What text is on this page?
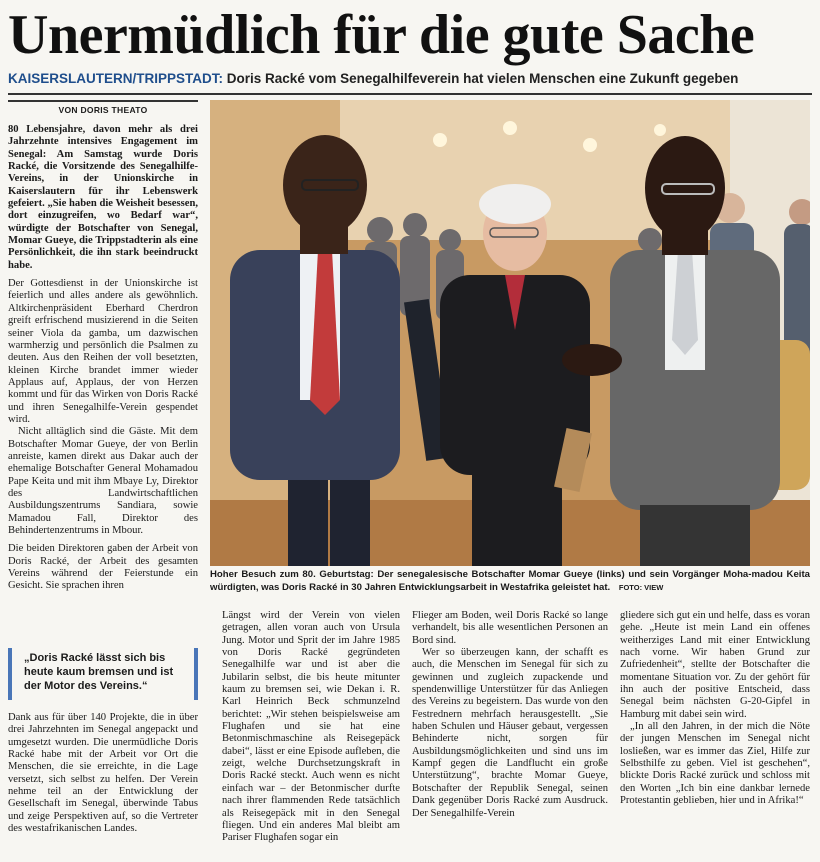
Unermüdlich für die gute Sache
KAISERSLAUTERN/TRIPPSTADT: Doris Racké vom Senegalhilfeverein hat vielen Menschen eine Zukunft gegeben
VON DORIS THEATO

80 Lebensjahre, davon mehr als drei Jahrzehnte intensives Engagement im Senegal: Am Samstag wurde Doris Racké, die Vorsitzende des Senegalhilfe-Vereins, in der Unionskirche in Kaiserslautern für ihr Lebenswerk gefeiert. „Sie haben die Weisheit besessen, dort einzugreifen, wo Bedarf war“, würdigte der Botschafter von Senegal, Momar Gueye, die Trippstadterin als eine Persönlichkeit, die ihn stark beeindruckt habe.

Der Gottesdienst in der Unionskirche ist feierlich und alles andere als gewöhnlich. Altkirchenpräsident Eberhard Cherdron greift erfrischend musizierend in die Seiten seiner Viola da gamba, um dazwischen warmherzig und persönlich die Psalmen zu deuten. Aus den Reihen der voll besetzten, kleinen Kirche brandet immer wieder Applaus auf, Applaus, der von Herzen kommt und für das Wirken von Doris Racké und ihren Senegalhilfe-Verein gespendet wird.

Nicht alltäglich sind die Gäste. Mit dem Botschafter Momar Gueye, der von Berlin anreiste, kamen direkt aus Dakar auch der ehemalige Botschafter General Mohamadou Pape Keita und mit ihm Mbaye Ly, Direktor des Landwirtschaftlichen Ausbildungszentrums Sandiara, sowie Mamadou Fall, Direktor des Behindertenzentrums in Mbour.

Die beiden Direktoren gaben der Arbeit von Doris Racké, der Arbeit des gesamten Vereins während der Feierstunde ein Gesicht. Sie sprachen ihren

„Doris Racké lässt sich bis heute kaum bremsen und ist der Motor des Vereins.“

Dank aus für über 140 Projekte, die in über drei Jahrzehnten im Senegal angepackt und umgesetzt wurden. Die unermüdliche Doris Racké habe mit der Arbeit vor Ort die Menschen, die sie erreichte, in die Lage versetzt, sich selbst zu helfen. Der Verein nehme teil an der Entwicklung der Gesellschaft im Senegal, überwinde Tabus und zeige Perspektiven auf, so die Vertreter des westafrikanischen Landes.

Hoher Besuch zum 80. Geburtstag: Der senegalesische Botschafter Momar Gueye (links) und sein Vorgänger Moha-madou Keita würdigten, was Doris Racké in 30 Jahren Entwicklungsarbeit in Westafrika geleistet hat. FOTO: VIEW

Längst wird der Verein von vielen getragen, allen voran auch von Ursula Jung. Motor und Sprit der im Jahre 1985 von Doris Racké gegründeten Senegalhilfe war und ist aber die Jubilarin selbst, die bis heute mitunter kaum zu bremsen sei, wie Dekan i. R. Karl Heinrich Beck schmunzelnd berichtet: „Wir stehen beispielsweise am Flughafen und sie hat eine Betonmischmaschine als Reisegepäck dabei“, lässt er eine Episode aufleben, die zeigt, welche Durchsetzungskraft in Doris Racké steckt. Auch wenn es nicht einfach war – der Betonmischer durfte nach ihrer flammenden Rede tatsächlich als Reisegepäck mit in den Senegal fliegen. Und ein anderes Mal bleibt am Pariser Flughafen sogar ein

Flieger am Boden, weil Doris Racké so lange verhandelt, bis alle wesentlichen Personen an Bord sind.

Wer so überzeugen kann, der schafft es auch, die Menschen im Senegal für sich zu gewinnen und zugleich zupackende und spendenwillige Unterstützer für das Anliegen des Vereins zu begeistern. Das wurde von den Festrednern mehrfach herausgestellt. „Sie haben Schulen und Häuser gebaut, vergessen Behinderte nicht, sorgen für Ausbildungsmöglichkeiten und sind uns im Kampf gegen die Landflucht ein große Unterstützung“, brachte Momar Gueye, Botschafter der Republik Senegal, seinen Dank gegenüber Doris Racké zum Ausdruck. Der Senegalhilfe-Verein

gliedere sich gut ein und helfe, dass es voran gehe. „Heute ist mein Land ein offenes weitherziges Land mit einer Entwicklung nach vorne. Wir haben Grund zur Zufriedenheit“, stellte der Botschafter die momentane Situation vor. Zu der gehört für ihn auch der positive Entscheid, dass Senegal beim nächsten G-20-Gipfel in Hamburg mit dabei sein wird.

„In all den Jahren, in der mich die Nöte der jungen Menschen im Senegal nicht losließen, war es immer das Ziel, Hilfe zur Selbsthilfe zu geben. Viel ist geschehen“, blickte Doris Racké zurück und schloss mit den Worten „Ich bin eine dankbar lernede Protestantin geblieben, hier und in Afrika!“
